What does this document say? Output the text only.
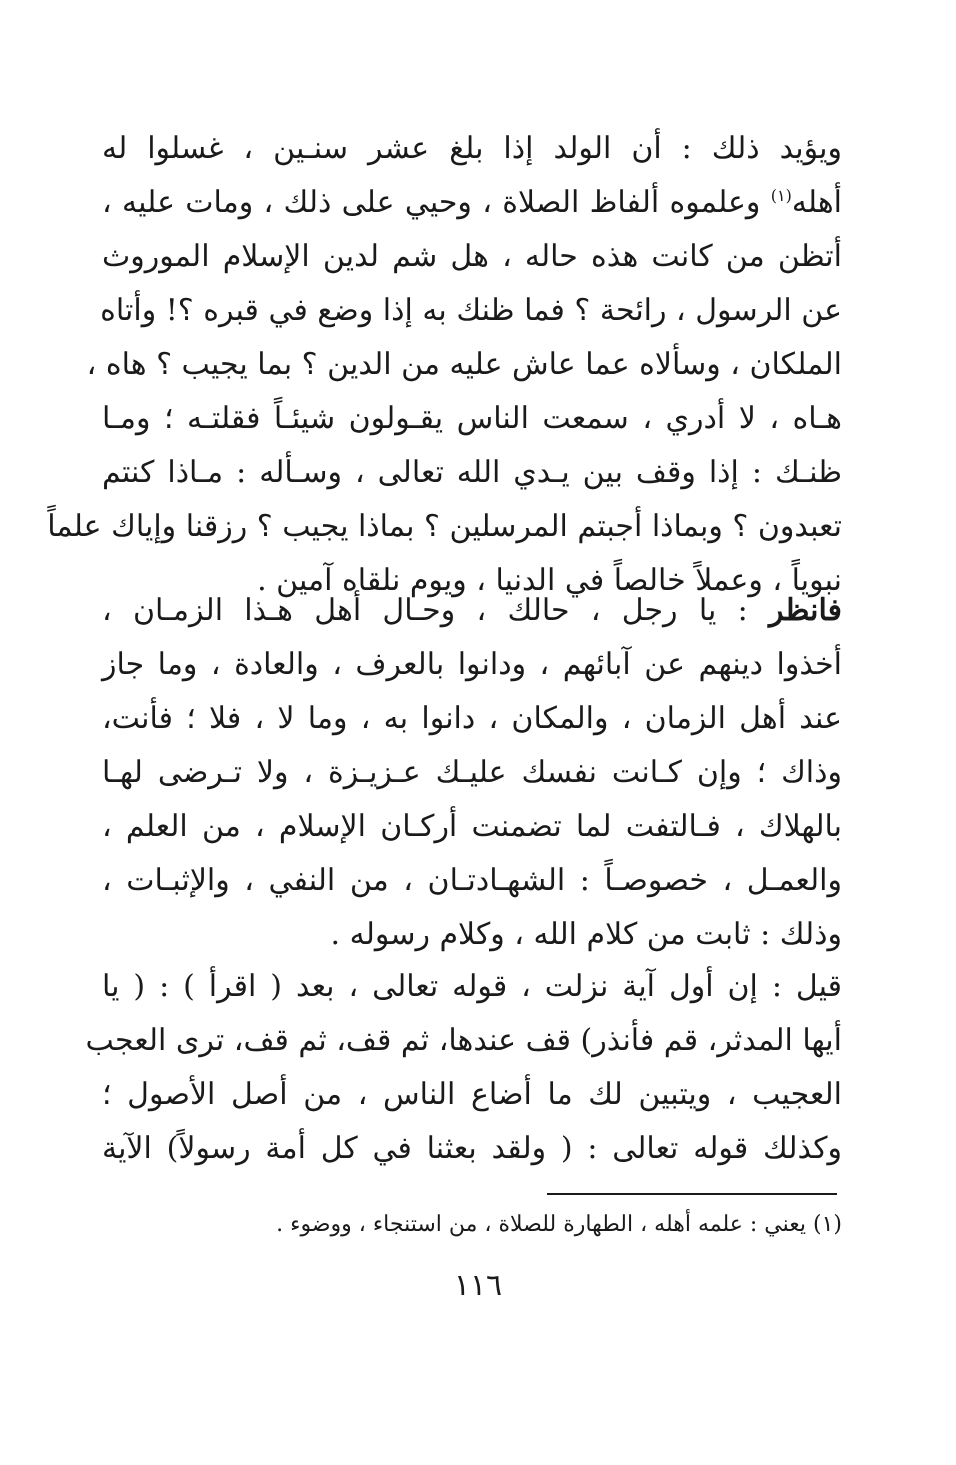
ويؤيد ذلك : أن الولد إذا بلغ عشر سنـين ، غسلوا له
أهله$^{(١)}$ وعلموه ألفاظ الصلاة ، وحيي على ذلك ، ومات عليه ،
أتظن من كانت هذه حاله ، هل شم لدين الإسلام الموروث
عن الرسول ، رائحة ؟ فما ظنك به إذا وضع في قبره ؟! وأتاه
الملكان ، وسألاه عما عاش عليه من الدين ؟ بما يجيب ؟ هاه ،
هـاه ، لا أدري ، سمعت الناس يقـولون شيئـاً فقلتـه ؛ ومـا
ظنـك : إذا وقف بين يـدي الله تعالى ، وسـأله : مـاذا كنتم
تعبدون ؟ وبماذا أجبتم المرسلين ؟ بماذا يجيب ؟ رزقنا وإياك علماً
نبوياً ، وعملاً خالصاً في الدنيا ، ويوم نلقاه آمين .
فانظر : يا رجل ، حالك ، وحـال أهل هـذا الزمـان ،
أخذوا دينهم عن آبائهم ، ودانوا بالعرف ، والعادة ، وما جاز
عند أهل الزمان ، والمكان ، دانوا به ، وما لا ، فلا ؛ فأنت،
وذاك ؛ وإن كـانت نفسك عليـك عـزيـزة ، ولا تـرضى لهـا
بالهلاك ، فـالتفت لما تضمنت أركـان الإسلام ، من العلم ،
والعمـل ، خصوصـاً : الشهـادتـان ، من النفي ، والإثبـات ،
وذلك : ثابت من كلام الله ، وكلام رسوله .
قيل : إن أول آية نزلت ، قوله تعالى ، بعد ( اقرأ ) : ( يا
أيها المدثر، قم فأنذر) قف عندها، ثم قف، ثم قف، ترى العجب
العجيب ، ويتبين لك ما أضاع الناس ، من أصل الأصول ؛
وكذلك قوله تعالى : ( ولقد بعثنا في كل أمة رسولاً) الآية
(١) يعني : علمه أهله ، الطهارة للصلاة ، من استنجاء ، ووضوء .
١١٦
